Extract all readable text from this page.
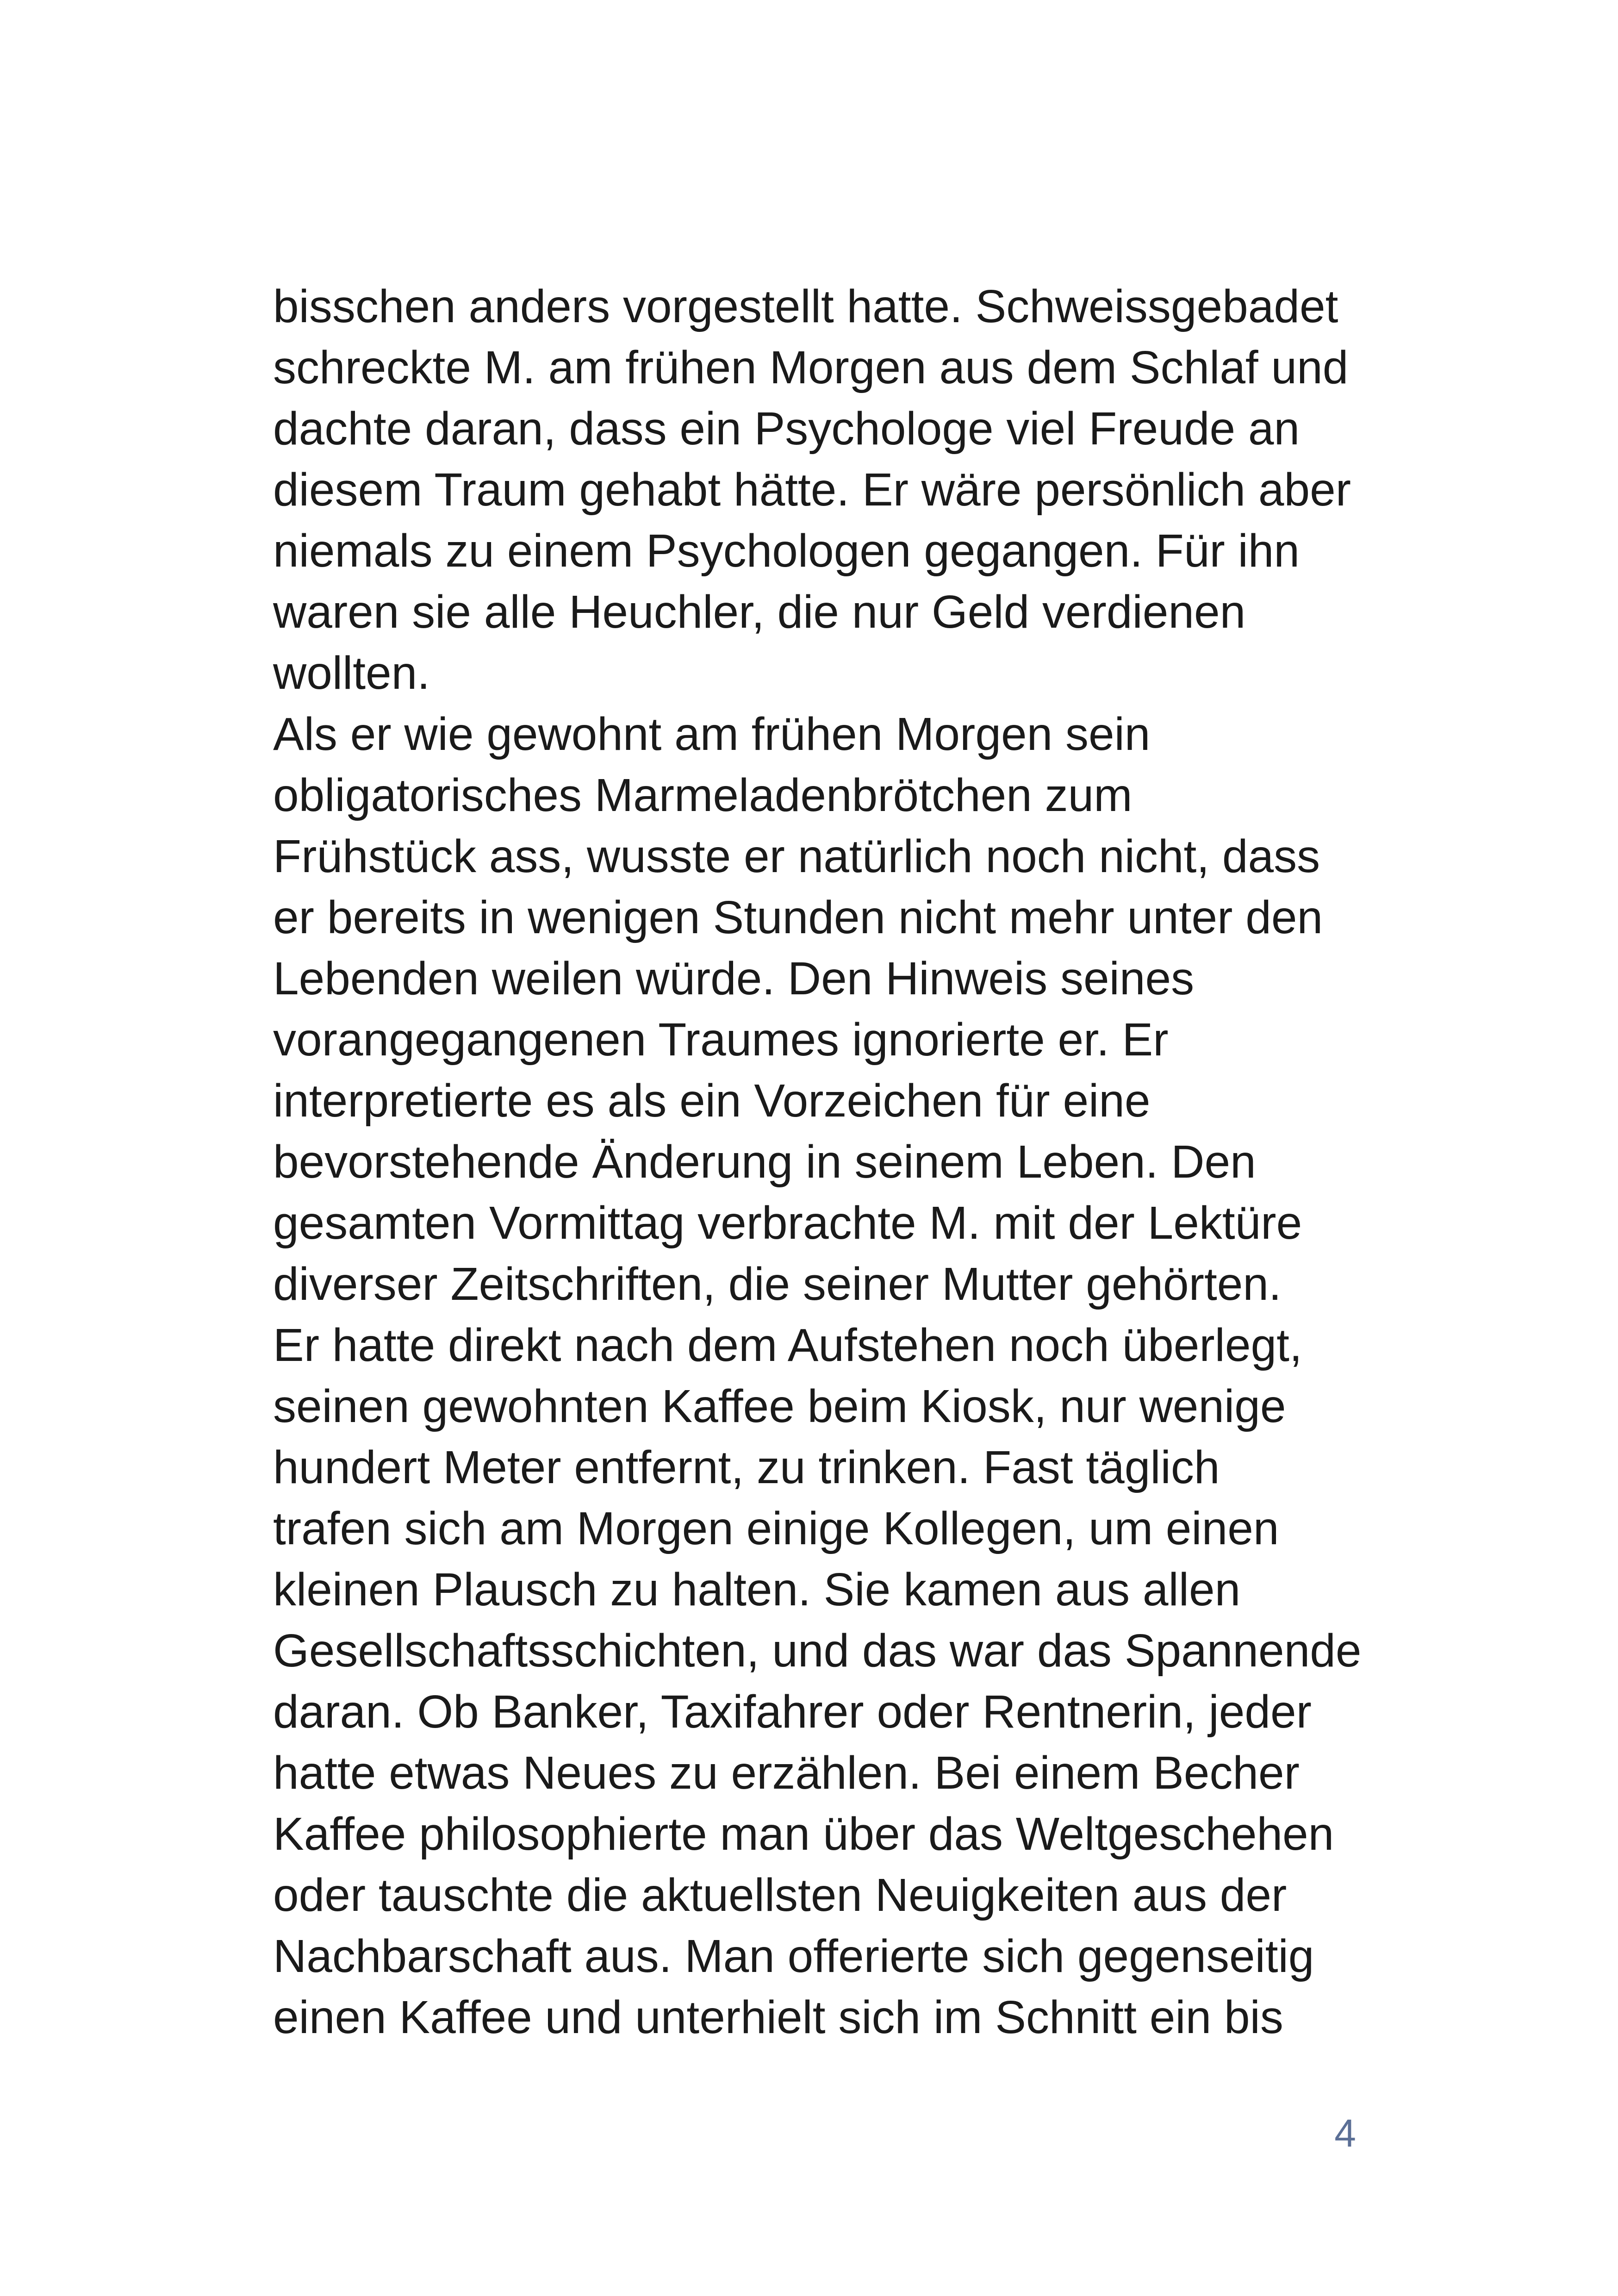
bisschen anders vorgestellt hatte. Schweissgebadet
schreckte M. am frühen Morgen aus dem Schlaf und
dachte daran, dass ein Psychologe viel Freude an
diesem Traum gehabt hätte. Er wäre persönlich aber
niemals zu einem Psychologen gegangen. Für ihn
waren sie alle Heuchler, die nur Geld verdienen
wollten.
Als er wie gewohnt am frühen Morgen sein
obligatorisches Marmeladenbrötchen zum
Frühstück ass, wusste er natürlich noch nicht, dass
er bereits in wenigen Stunden nicht mehr unter den
Lebenden weilen würde. Den Hinweis seines
vorangegangenen Traumes ignorierte er. Er
interpretierte es als ein Vorzeichen für eine
bevorstehende Änderung in seinem Leben. Den
gesamten Vormittag verbrachte M. mit der Lektüre
diverser Zeitschriften, die seiner Mutter gehörten.
Er hatte direkt nach dem Aufstehen noch überlegt,
seinen gewohnten Kaffee beim Kiosk, nur wenige
hundert Meter entfernt, zu trinken. Fast täglich
trafen sich am Morgen einige Kollegen, um einen
kleinen Plausch zu halten. Sie kamen aus allen
Gesellschaftsschichten, und das war das Spannende
daran. Ob Banker, Taxifahrer oder Rentnerin, jeder
hatte etwas Neues zu erzählen. Bei einem Becher
Kaffee philosophierte man über das Weltgeschehen
oder tauschte die aktuellsten Neuigkeiten aus der
Nachbarschaft aus. Man offerierte sich gegenseitig
einen Kaffee und unterhielt sich im Schnitt ein bis
4
